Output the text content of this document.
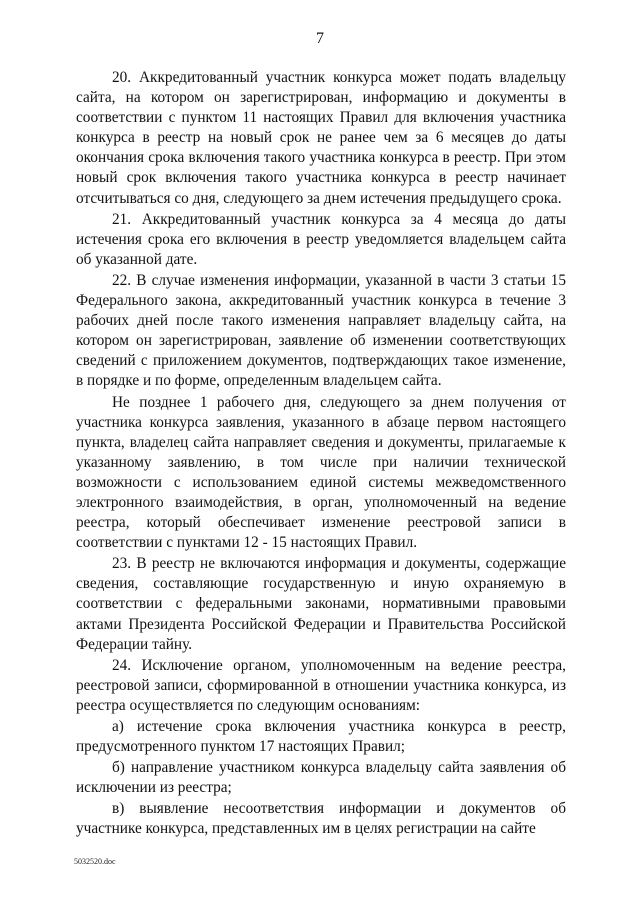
7

20. Аккредитованный участник конкурса может подать владельцу сайта, на котором он зарегистрирован, информацию и документы в соответствии с пунктом 11 настоящих Правил для включения участника конкурса в реестр на новый срок не ранее чем за 6 месяцев до даты окончания срока включения такого участника конкурса в реестр. При этом новый срок включения такого участника конкурса в реестр начинает отсчитываться со дня, следующего за днем истечения предыдущего срока.

21. Аккредитованный участник конкурса за 4 месяца до даты истечения срока его включения в реестр уведомляется владельцем сайта об указанной дате.

22. В случае изменения информации, указанной в части 3 статьи 15 Федерального закона, аккредитованный участник конкурса в течение 3 рабочих дней после такого изменения направляет владельцу сайта, на котором он зарегистрирован, заявление об изменении соответствующих сведений с приложением документов, подтверждающих такое изменение, в порядке и по форме, определенным владельцем сайта.

Не позднее 1 рабочего дня, следующего за днем получения от участника конкурса заявления, указанного в абзаце первом настоящего пункта, владелец сайта направляет сведения и документы, прилагаемые к указанному заявлению, в том числе при наличии технической возможности с использованием единой системы межведомственного электронного взаимодействия, в орган, уполномоченный на ведение реестра, который обеспечивает изменение реестровой записи в соответствии с пунктами 12 - 15 настоящих Правил.

23. В реестр не включаются информация и документы, содержащие сведения, составляющие государственную и иную охраняемую в соответствии с федеральными законами, нормативными правовыми актами Президента Российской Федерации и Правительства Российской Федерации тайну.

24. Исключение органом, уполномоченным на ведение реестра, реестровой записи, сформированной в отношении участника конкурса, из реестра осуществляется по следующим основаниям:

а) истечение срока включения участника конкурса в реестр, предусмотренного пунктом 17 настоящих Правил;

б) направление участником конкурса владельцу сайта заявления об исключении из реестра;

в) выявление несоответствия информации и документов об участнике конкурса, представленных им в целях регистрации на сайте

5032520.doc
